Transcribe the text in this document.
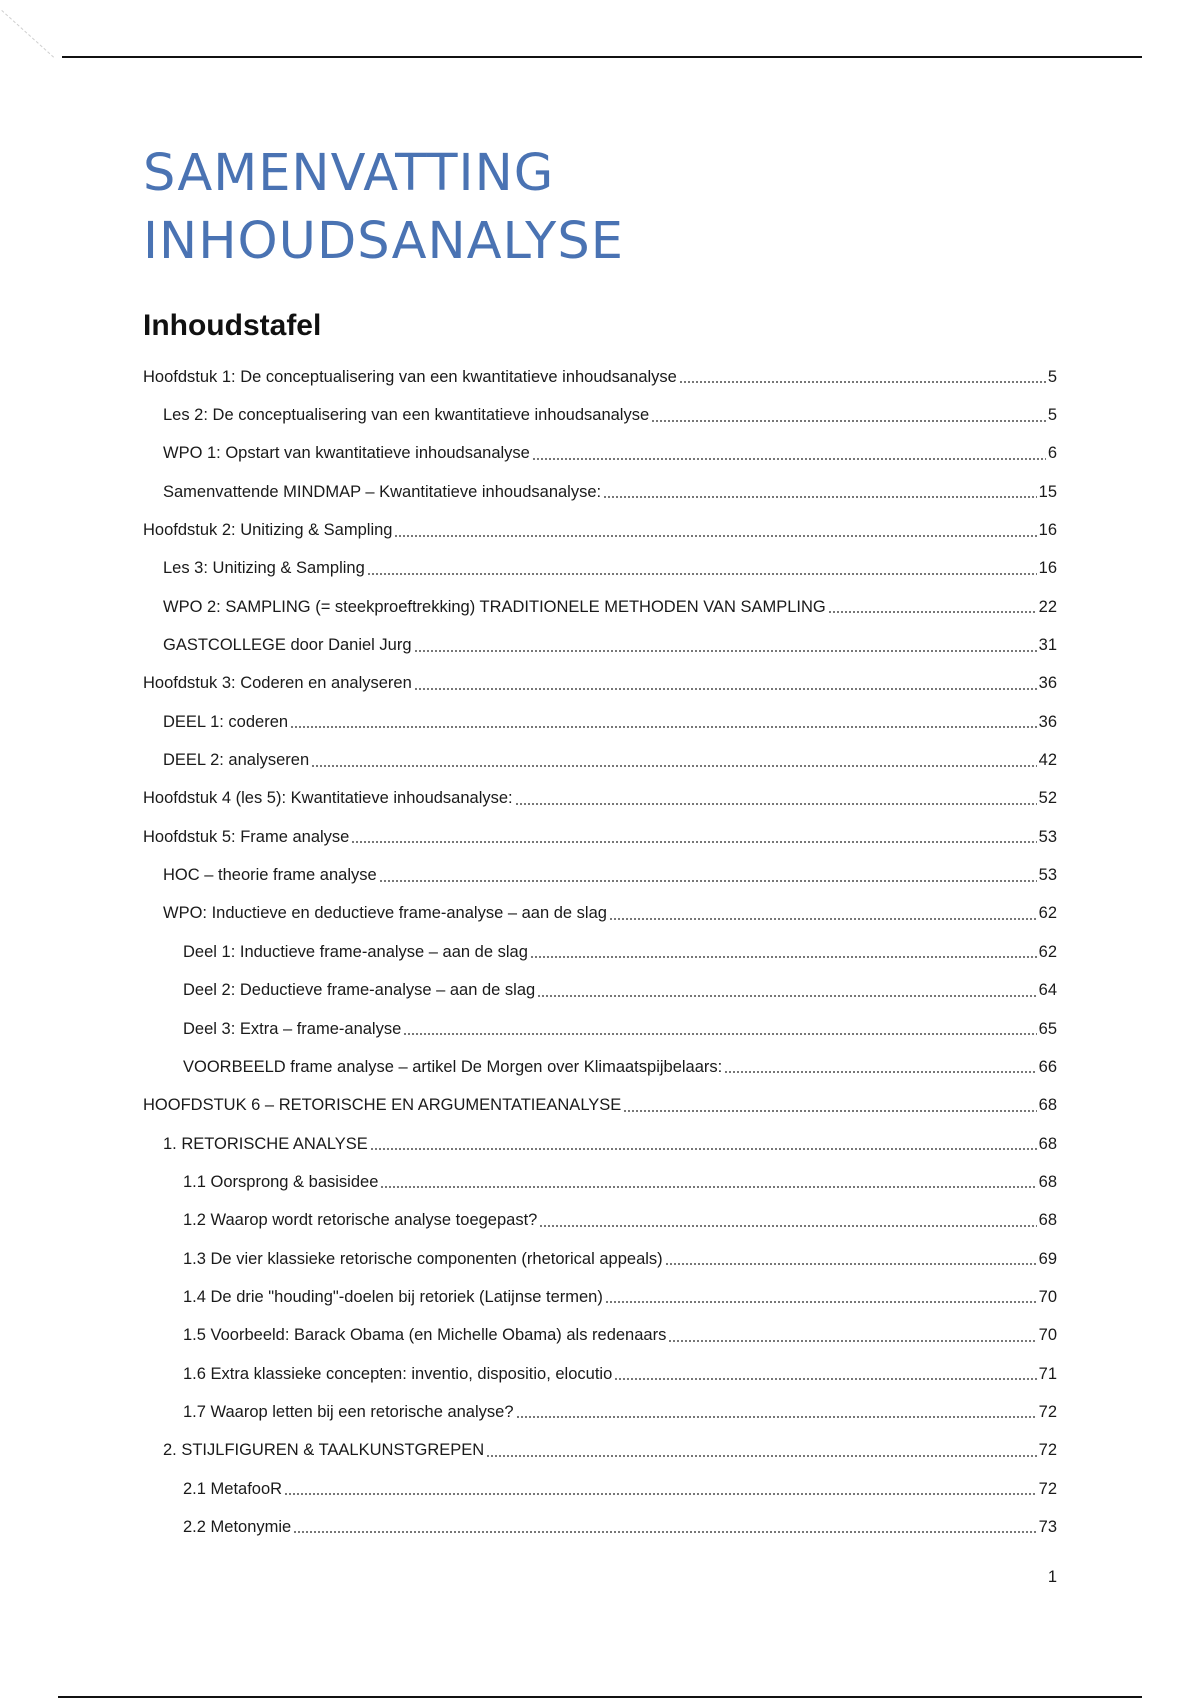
SAMENVATTING
INHOUDSANALYSE
Inhoudstafel
Hoofdstuk 1: De conceptualisering van een kwantitatieve inhoudsanalyse	5
Les 2: De conceptualisering van een kwantitatieve inhoudsanalyse	5
WPO 1: Opstart van kwantitatieve inhoudsanalyse	6
Samenvattende MINDMAP – Kwantitatieve inhoudsanalyse:	15
Hoofdstuk 2: Unitizing & Sampling	16
Les 3: Unitizing & Sampling	16
WPO 2: SAMPLING (= steekproeftrekking) TRADITIONELE METHODEN VAN SAMPLING	22
GASTCOLLEGE door Daniel Jurg	31
Hoofdstuk 3: Coderen en analyseren	36
DEEL 1: coderen	36
DEEL 2: analyseren	42
Hoofdstuk 4 (les 5): Kwantitatieve inhoudsanalyse:	52
Hoofdstuk 5: Frame analyse	53
HOC – theorie frame analyse	53
WPO: Inductieve en deductieve frame-analyse – aan de slag	62
Deel 1: Inductieve frame-analyse – aan de slag	62
Deel 2: Deductieve frame-analyse – aan de slag	64
Deel 3: Extra – frame-analyse	65
VOORBEELD frame analyse – artikel De Morgen over Klimaatspijbelaars:	66
HOOFDSTUK 6 – RETORISCHE EN ARGUMENTATIEANALYSE	68
1. RETORISCHE ANALYSE	68
1.1 Oorsprong & basisidee	68
1.2 Waarop wordt retorische analyse toegepast?	68
1.3 De vier klassieke retorische componenten (rhetorical appeals)	69
1.4 De drie "houding"-doelen bij retoriek (Latijnse termen)	70
1.5 Voorbeeld: Barack Obama (en Michelle Obama) als redenaars	70
1.6 Extra klassieke concepten: inventio, dispositio, elocutio	71
1.7 Waarop letten bij een retorische analyse?	72
2. STIJLFIGUREN & TAALKUNSTGREPEN	72
2.1 MetafooR	72
2.2 Metonymie	73
1
